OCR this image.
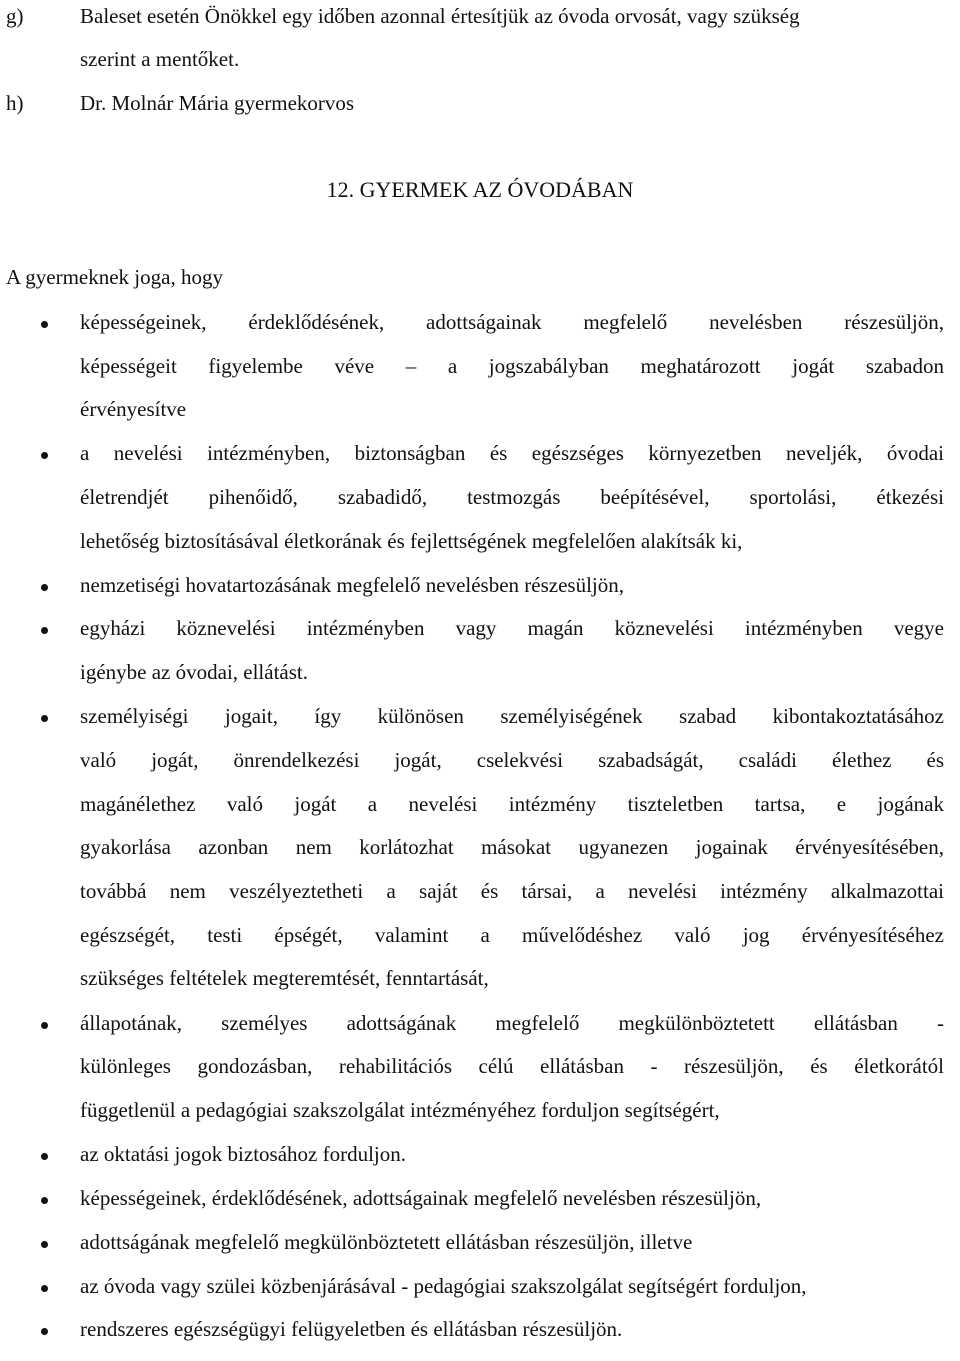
g)	Baleset esetén Önökkel egy időben azonnal értesítjük az óvoda orvosát, vagy szükség
szerint a mentőket.
h)	Dr. Molnár Mária gyermekorvos
12. GYERMEK AZ ÓVODÁBAN
A gyermeknek joga, hogy
képességeinek, érdeklődésének, adottságainak megfelelő nevelésben részesüljön,
képességeit figyelembe véve – a jogszabályban meghatározott jogát szabadon
érvényesítve
a nevelési intézményben, biztonságban és egészséges környezetben neveljék, óvodai
életrendjét pihenőidő, szabadidő, testmozgás beépítésével, sportolási, étkezési
lehetőség biztosításával életkorának és fejlettségének megfelelően alakítsák ki,
nemzetiségi hovatartozásának megfelelő nevelésben részesüljön,
egyházi köznevelési intézményben vagy magán köznevelési intézményben vegye
igénybe az óvodai, ellátást.
személyiségi jogait, így különösen személyiségének szabad kibontakoztatásához
való jogát, önrendelkezési jogát, cselekvési szabadságát, családi élethez és
magánélethez való jogát a nevelési intézmény tiszteletben tartsa, e jogának
gyakorlása azonban nem korlátozhat másokat ugyanezen jogainak érvényesítésében,
továbbá nem veszélyeztetheti a saját és társai, a nevelési intézmény alkalmazottai
egészségét, testi épségét, valamint a művelődéshez való jog érvényesítéséhez
szükséges feltételek megteremtését, fenntartását,
állapotának, személyes adottságának megfelelő megkülönböztetett ellátásban -
különleges gondozásban, rehabilitációs célú ellátásban - részesüljön, és életkorától
függetlenül a pedagógiai szakszolgálat intézményéhez forduljon segítségért,
az oktatási jogok biztosához forduljon.
képességeinek, érdeklődésének, adottságainak megfelelő nevelésben részesüljön,
adottságának megfelelő megkülönböztetett ellátásban részesüljön, illetve
az óvoda vagy szülei közbenjárásával - pedagógiai szakszolgálat segítségért forduljon,
rendszeres egészségügyi felügyeletben és ellátásban részesüljön.
